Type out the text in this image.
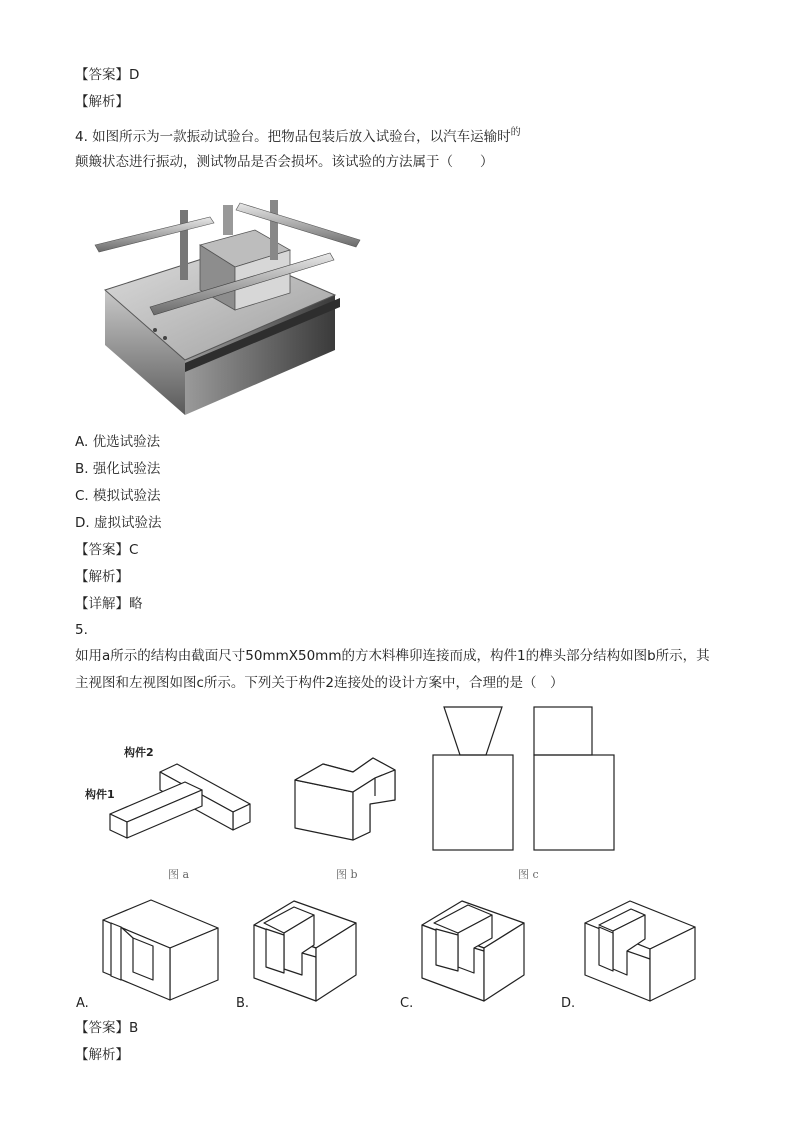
【答案】D
【解析】
4. 如图所示为一款振动试验台。把物品包装后放入试验台，以汽车运输时$^的$
颠簸状态进行振动，测试物品是否会损坏。该试验的方法属于（　　）
A. 优选试验法
B. 强化试验法
C. 模拟试验法
D. 虚拟试验法
【答案】C
【解析】
【详解】略
5.
如用a所示的结构由截面尺寸50mmX50mm的方木料榫卯连接而成，构件1的榫头部分结构如图b所示，其
主视图和左视图如图c所示。下列关于构件2连接处的设计方案中，合理的是（　）
构件2
构件1
图 a	图 b	图 c
A.	B.	C.	D.
【答案】B
【解析】
